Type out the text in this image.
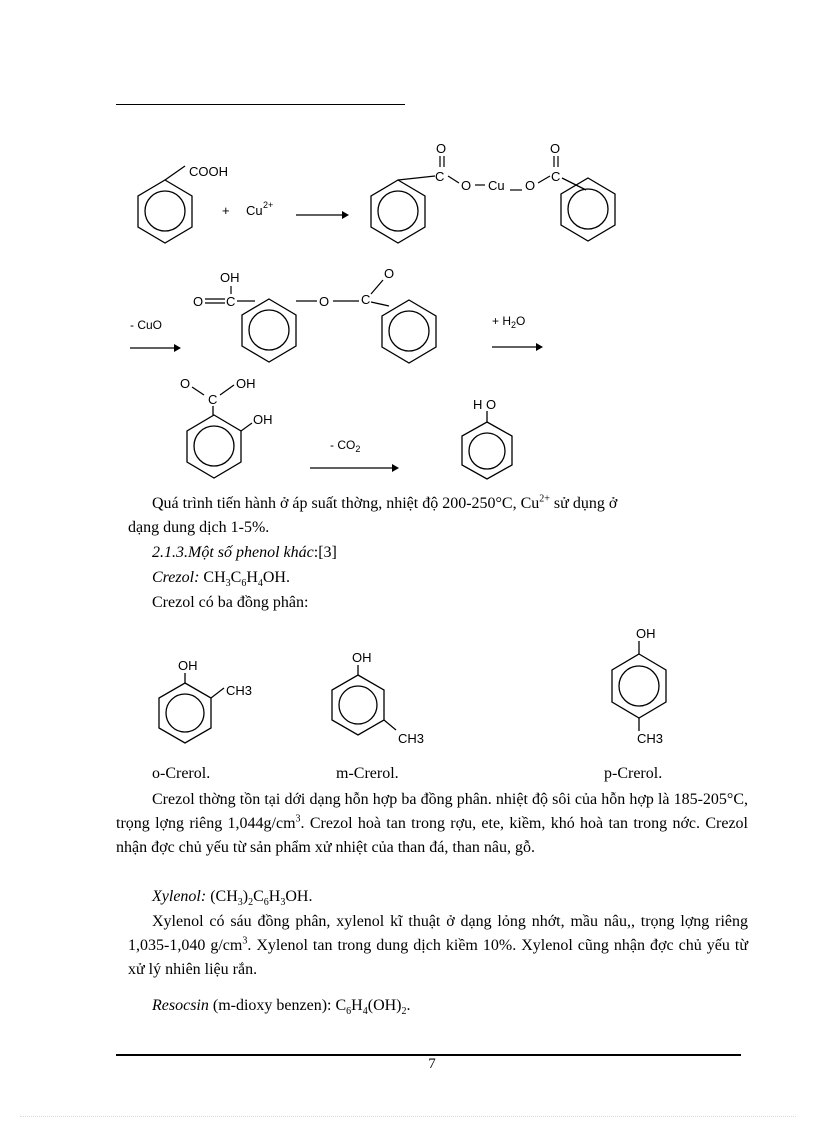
COOH
+ Cu 2+
C
O
O Cu O
C
O
- CuO
OH
O C	O C
O
+ $H_2O$
O
C
OH
OH
- $CO_2$
H O
Quá trình tiến hành ở áp suất thờng, nhiệt độ 200-250°C, $Cu^{2+}$ sử dụng ở
dạng dung dịch 1-5%.
2.1.3.Một số phenol khác:[3]
Crezol: $CH_3C_6H_4OH$.
Crezol có ba đồng phân:
OH
CH3
OH
CH3
OH
CH3
o-Crerol.	m-Crerol.	p-Crerol.
Crezol thờng tồn tại dới dạng hỗn hợp ba đồng phân. nhiệt độ sôi của hỗn hợp là 185-205°C, trọng lợng riêng $1,044g/cm^3$. Crezol hoà tan trong rợu, ete, kiềm, khó hoà tan trong nớc. Crezol nhận đợc chủ yếu từ sản phẩm xử nhiệt của than đá, than nâu, gỗ.
Xylenol: $(CH_3)_2C_6H_3OH$.
Xylenol có sáu đồng phân, xylenol kĩ thuật ở dạng lỏng nhớt, mầu nâu,, trọng lợng riêng 1,035-1,040 $g/cm^3$. Xylenol tan trong dung dịch kiềm 10%. Xylenol cũng nhận đợc chủ yếu từ xử lý nhiên liệu rắn.
Resocsin (m-dioxy benzen): $C_6H_4(OH)_2$.
7
